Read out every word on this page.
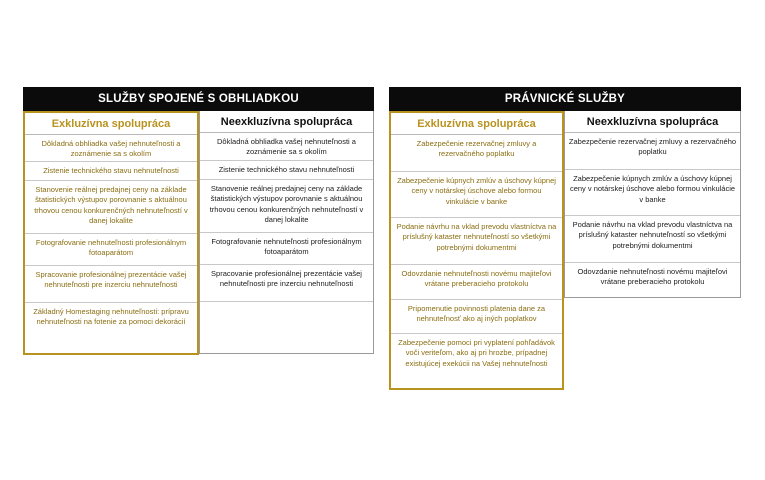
SLUŽBY SPOJENÉ S OBHLIADKOU
Exkluzívna spolupráca
Dôkladná obhliadka vašej nehnuteľnosti a zoznámenie sa s okolím
Zistenie technického stavu nehnuteľnosti
Stanovenie reálnej predajnej ceny na základe štatistických výstupov porovnanie s aktuálnou trhovou cenou konkurenčných nehnuteľností v danej lokalite
Fotografovanie nehnuteľnosti profesionálnym fotoaparátom
Spracovanie profesionálnej prezentácie vašej nehnuteľnosti pre inzerciu nehnuteľnosti
Základný Homestaging nehnuteľnosti: prípravu nehnuteľnosti na fotenie za pomoci dekorácií
Neexkluzívna spolupráca
Dôkladná obhliadka vašej nehnuteľnosti a zoznámenie sa s okolím
Zistenie technického stavu nehnuteľnosti
Stanovenie reálnej predajnej ceny na základe štatistických výstupov porovnanie s aktuálnou trhovou cenou konkurenčných nehnuteľností v danej lokalite
Fotografovanie nehnuteľnosti profesionálnym fotoaparátom
Spracovanie profesionálnej prezentácie vašej nehnuteľnosti pre inzerciu nehnuteľnosti
PRÁVNICKÉ SLUŽBY
Exkluzívna spolupráca
Zabezpečenie rezervačnej zmluvy a rezervačného poplatku
Zabezpečenie kúpnych zmlúv a úschovy kúpnej ceny v notárskej úschove alebo formou vinkulácie v banke
Podanie návrhu na vklad prevodu vlastníctva na príslušný kataster nehnuteľností so všetkými potrebnými dokumentmi
Odovzdanie nehnuteľnosti novému majiteľovi vrátane preberacieho protokolu
Pripomenutie povinnosti platenia dane za nehnuteľnosť ako aj iných poplatkov
Zabezpečenie pomoci pri vyplatení pohľadávok voči veriteľom, ako aj pri hrozbe, prípadnej existujúcej exekúcii na Vašej nehnuteľnosti
Neexkluzívna spolupráca
Zabezpečenie rezervačnej zmluvy a rezervačného poplatku
Zabezpečenie kúpnych zmlúv a úschovy kúpnej ceny v notárskej úschove alebo formou vinkulácie v banke
Podanie návrhu na vklad prevodu vlastníctva na príslušný kataster nehnuteľností so všetkými potrebnými dokumentmi
Odovzdanie nehnuteľnosti novému majiteľovi vrátane preberacieho protokolu
